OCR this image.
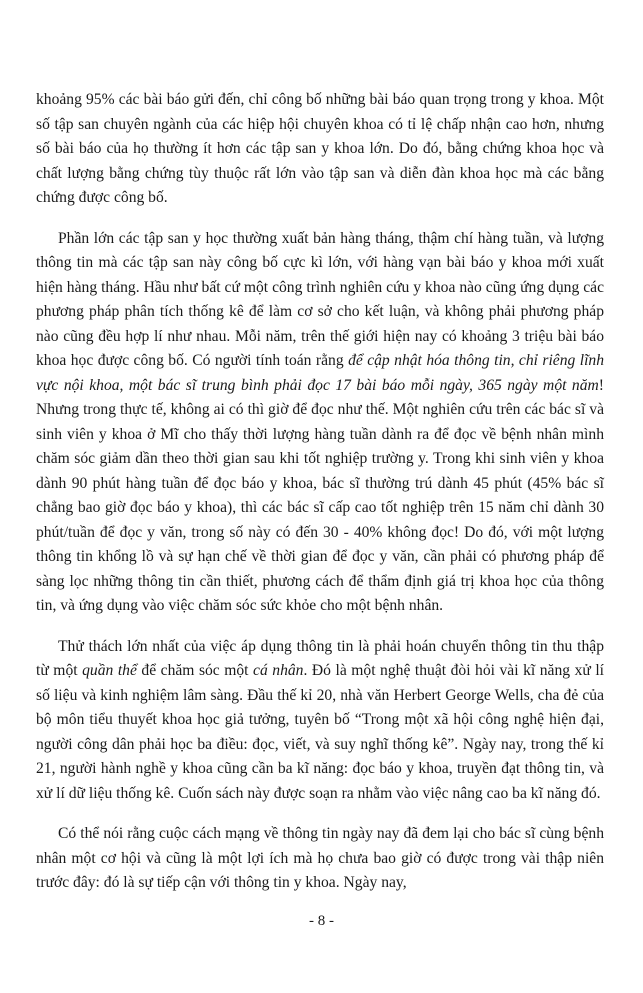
khoảng 95% các bài báo gửi đến, chỉ công bố những bài báo quan trọng trong y khoa. Một số tập san chuyên ngành của các hiệp hội chuyên khoa có tỉ lệ chấp nhận cao hơn, nhưng số bài báo của họ thường ít hơn các tập san y khoa lớn. Do đó, bằng chứng khoa học và chất lượng bằng chứng tùy thuộc rất lớn vào tập san và diễn đàn khoa học mà các bằng chứng được công bố.

Phần lớn các tập san y học thường xuất bản hàng tháng, thậm chí hàng tuần, và lượng thông tin mà các tập san này công bố cực kì lớn, với hàng vạn bài báo y khoa mới xuất hiện hàng tháng. Hầu như bất cứ một công trình nghiên cứu y khoa nào cũng ứng dụng các phương pháp phân tích thống kê để làm cơ sở cho kết luận, và không phải phương pháp nào cũng đều hợp lí như nhau. Mỗi năm, trên thế giới hiện nay có khoảng 3 triệu bài báo khoa học được công bố. Có người tính toán rằng để cập nhật hóa thông tin, chỉ riêng lĩnh vực nội khoa, một bác sĩ trung bình phải đọc 17 bài báo mỗi ngày, 365 ngày một năm! Nhưng trong thực tế, không ai có thì giờ để đọc như thế. Một nghiên cứu trên các bác sĩ và sinh viên y khoa ở Mĩ cho thấy thời lượng hàng tuần dành ra để đọc về bệnh nhân mình chăm sóc giảm dần theo thời gian sau khi tốt nghiệp trường y. Trong khi sinh viên y khoa dành 90 phút hàng tuần để đọc báo y khoa, bác sĩ thường trú dành 45 phút (45% bác sĩ chẳng bao giờ đọc báo y khoa), thì các bác sĩ cấp cao tốt nghiệp trên 15 năm chỉ dành 30 phút/tuần để đọc y văn, trong số này có đến 30 - 40% không đọc! Do đó, với một lượng thông tin khổng lồ và sự hạn chế về thời gian để đọc y văn, cần phải có phương pháp để sàng lọc những thông tin cần thiết, phương cách để thẩm định giá trị khoa học của thông tin, và ứng dụng vào việc chăm sóc sức khỏe cho một bệnh nhân.

Thử thách lớn nhất của việc áp dụng thông tin là phải hoán chuyển thông tin thu thập từ một quần thể để chăm sóc một cá nhân. Đó là một nghệ thuật đòi hỏi vài kĩ năng xử lí số liệu và kinh nghiệm lâm sàng. Đầu thế kỉ 20, nhà văn Herbert George Wells, cha đẻ của bộ môn tiểu thuyết khoa học giả tưởng, tuyên bố “Trong một xã hội công nghệ hiện đại, người công dân phải học ba điều: đọc, viết, và suy nghĩ thống kê”. Ngày nay, trong thế kỉ 21, người hành nghề y khoa cũng cần ba kĩ năng: đọc báo y khoa, truyền đạt thông tin, và xử lí dữ liệu thống kê. Cuốn sách này được soạn ra nhằm vào việc nâng cao ba kĩ năng đó.

Có thể nói rằng cuộc cách mạng về thông tin ngày nay đã đem lại cho bác sĩ cùng bệnh nhân một cơ hội và cũng là một lợi ích mà họ chưa bao giờ có được trong vài thập niên trước đây: đó là sự tiếp cận với thông tin y khoa. Ngày nay,

- 8 -
